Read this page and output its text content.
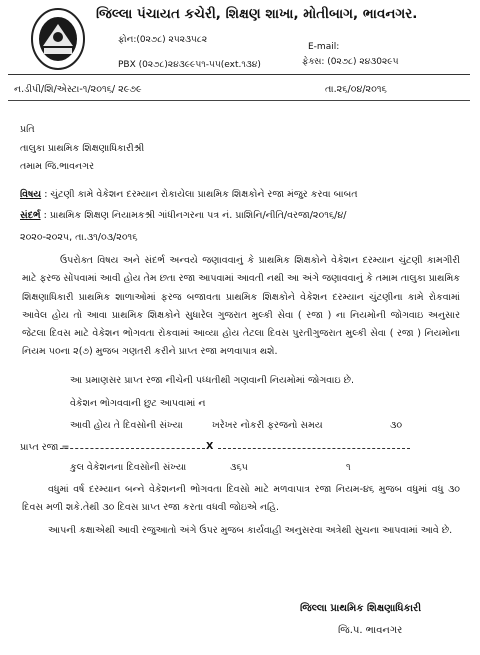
જિલ્લા પંચાયત કચેરી, શિક્ષણ શાખા, મોતીબાગ, ભાવનગર.
ફોન:(0૨૭૮) ૨૫૨૩૫૮૨
E-mail:
ફેક્સ: (0૨૭૮) ૨૪૩0૨૯૫
PBX (0૨૭૮)૨૪૩૯૯૫૧-૫૫(ext.૧૩૪)
ન.ડીપી/શિ/એસ્ટા-૧/૨૦૧૬/ ૨૯૭૯	તા.૨૬/૦૪/૨૦૧૬
પ્રતિ
તાલુકા પ્રાથમિક શિક્ષણાધિકારીશ્રી
તમામ જિ.ભાવનગર
વિષય : ચુંટણી કામે વેકેશન દરમ્યાન રોકાયેલા પ્રાથમિક શિક્ષકોને રજા મંજુર કરવા બાબત
સંદર્ભ : પ્રાથમિક શિક્ષણ નિયામકશ્રી ગાંધીનગરના પત્ર નં. પ્રાશિનિ/નીતિ/વરજા/૨૦૧૬/૪/
૨૦૨૦-૨૦૨૫, તા.૩૧/૦૩/૨૦૧૬
ઉપરોક્ત વિષય અને સંદર્ભ અન્વયે જણાવવાનું કે પ્રાથમિક શિક્ષકોને વેકેશન દરમ્યાન ચુંટણી કામગીરી માટે ફરજ સોંપવામાં આવી હોય તેમ છતા રજા આપવામાં આવતી નથી આ અંગે જણાવવાનું કે તમામ તાલુકા પ્રાથમિક શિક્ષણાધિકારી પ્રાથમિક શાળાઓમાં ફરજ બજાવતા પ્રાથમિક શિક્ષકોને વેકેશન દરમ્યાન ચુંટણીના કામે રોકવામાં આવેલ હોય તો આવા પ્રાથમિક શિક્ષકોને સુધારેલ ગુજરાત મુલ્કી સેવા ( રજા ) ના નિયમોની જોગવાઇ અનુસાર જેટલા દિવસ માટે વેકેશન ભોગવતા રોકવામાં આવ્યા હોય તેટલા દિવસ પુરતીગુજરાત મુલ્કી સેવા ( રજા ) નિયમોના નિયમ ૫૦ના ૨(૭) મુજબ ગણતરી કરીને પ્રાપ્ત રજા મળવાપાત્ર થશે.
આ પ્રમાણસર પ્રાપ્ત રજા નીચેની પધ્ધતીથી ગણવાની નિયમોમાં જોગવાઇ છે.
વેકેશન ભોગવવાની છુટ આપવામાં ન
આવી હોય તે દિવસોની સંખ્યા	ખરેખર નોકરી ફરજનો સમય	૩૦
પ્રાપ્ત રજા =	X
કુલ વેકેશનના દિવસોની સંખ્યા	૩૬૫	૧
વધુમાં વર્ષ દરમ્યાન બન્ને વેકેશનની ભોગવતા દિવસો માટે મળવાપાત્ર રજા નિયમ-૪૬ મુજબ વધુમાં વધુ ૩૦ દિવસ મળી શકે.તેથી ૩૦ દિવસ પ્રાપ્ત રજા કરતા વધવી જોઇએ નહિ.
આપની કક્ષાએથી આવી રજુઆતો અંગે ઉપર મુજબ કાર્યવાહી અનુસરવા અત્રેથી સુચના આપવામાં આવે છે.
જિલ્લા પ્રાથમિક શિક્ષણાધિકારી
જિ.પ. ભાવનગર
